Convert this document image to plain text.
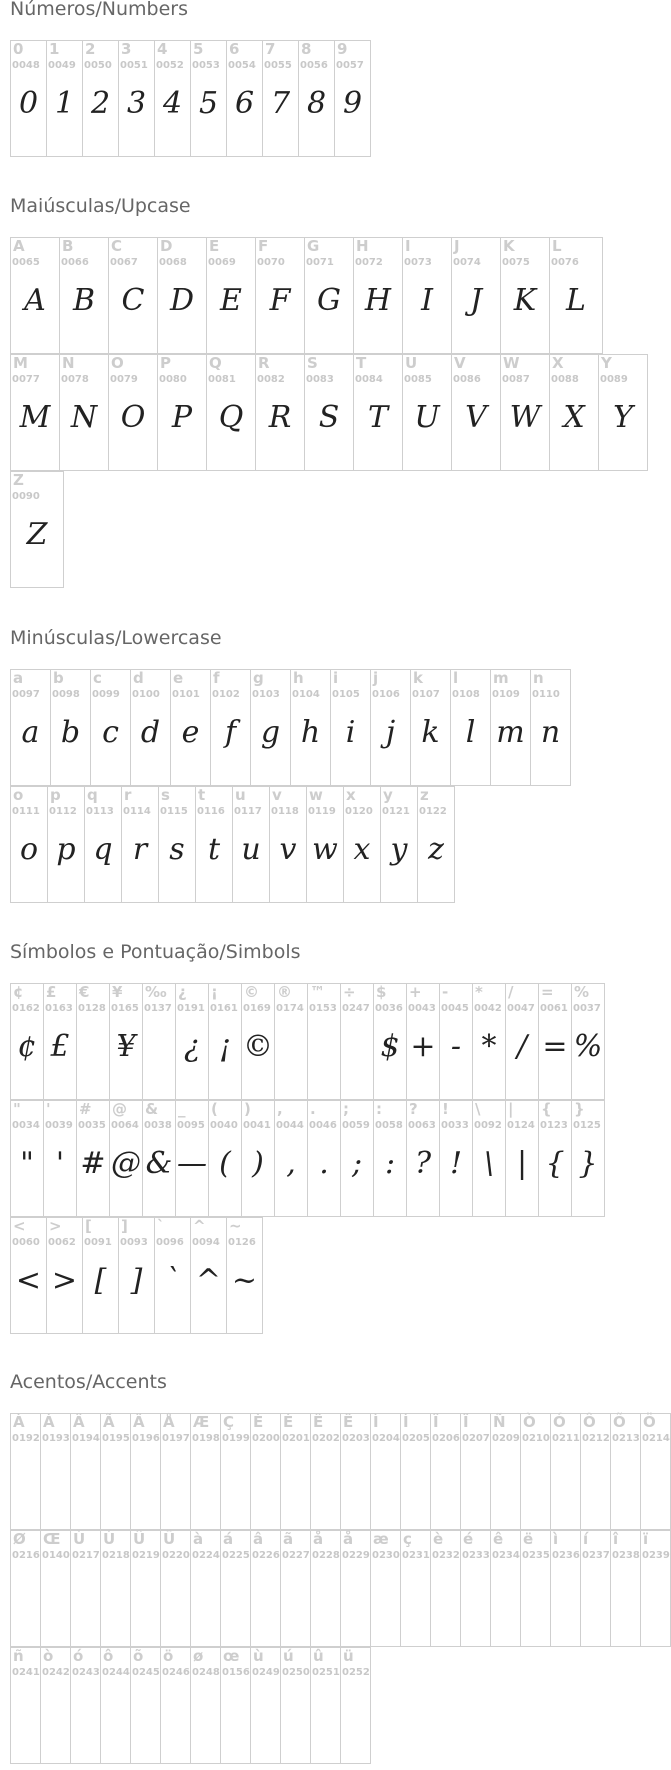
Números/Numbers
0
0048
0
1
0049
1
2
0050
2
3
0051
3
4
0052
4
5
0053
5
6
0054
6
7
0055
7
8
0056
8
9
0057
9
Maiúsculas/Upcase
A
0065
A
B
0066
B
C
0067
C
D
0068
D
E
0069
E
F
0070
F
G
0071
G
H
0072
H
I
0073
I
J
0074
J
K
0075
K
L
0076
L
M
0077
M
N
0078
N
O
0079
O
P
0080
P
Q
0081
Q
R
0082
R
S
0083
S
T
0084
T
U
0085
U
V
0086
V
W
0087
W
X
0088
X
Y
0089
Y
Z
0090
Z
Minúsculas/Lowercase
a
0097
a
b
0098
b
c
0099
c
d
0100
d
e
0101
e
f
0102
f
g
0103
g
h
0104
h
i
0105
i
j
0106
j
k
0107
k
l
0108
l
m
0109
m
n
0110
n
o
0111
o
p
0112
p
q
0113
q
r
0114
r
s
0115
s
t
0116
t
u
0117
u
v
0118
v
w
0119
w
x
0120
x
y
0121
y
z
0122
z
Símbolos e Pontuação/Simbols
¢
0162
¢
£
0163
£
€
0128
¥
0165
¥
‰
0137
¿
0191
¿
¡
0161
¡
©
0169
©
®
0174
™
0153
÷
0247
$
0036
$
+
0043
+
-
0045
-
*
0042
*
/
0047
/
=
0061
=
%
0037
%
"
0034
"
'
0039
'
#
0035
#
@
0064
@
&
0038
&
_
0095
—
(
0040
(
)
0041
)
,
0044
,
.
0046
.
;
0059
;
:
0058
:
?
0063
?
!
0033
!
\
0092
\
|
0124
|
{
0123
{
}
0125
}
<
0060
<
>
0062
>
[
0091
[
]
0093
]
`
0096
`
^
0094
^
~
0126
~
Acentos/Accents
À
0192
Á
0193
Â
0194
Ã
0195
Ä
0196
Å
0197
Æ
0198
Ç
0199
È
0200
É
0201
Ê
0202
Ë
0203
Ì
0204
Í
0205
Î
0206
Ï
0207
Ñ
0209
Ò
0210
Ó
0211
Ô
0212
Õ
0213
Ö
0214
Ø
0216
Œ
0140
Ù
0217
Ú
0218
Û
0219
Ü
0220
à
0224
á
0225
â
0226
ã
0227
å
0228
å
0229
æ
0230
ç
0231
è
0232
é
0233
ê
0234
ë
0235
ì
0236
í
0237
î
0238
ï
0239
ñ
0241
ò
0242
ó
0243
ô
0244
õ
0245
ö
0246
ø
0248
œ
0156
ù
0249
ú
0250
û
0251
ü
0252
